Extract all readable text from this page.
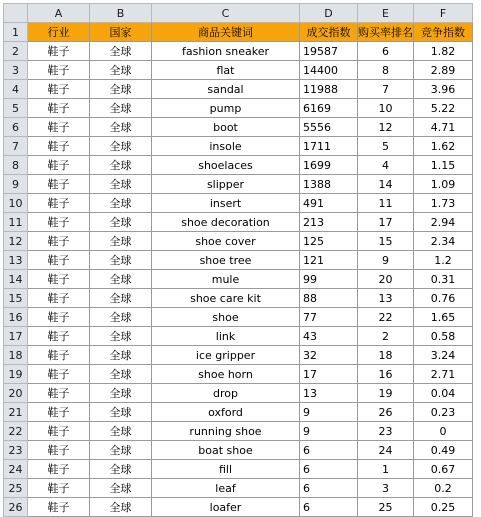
	A	B	C	D	E	F
1	行业	国家	商品关键词	成交指数	购买率排名	竞争指数
2	鞋子	全球	fashion sneaker	19587	6	1.82
3	鞋子	全球	flat	14400	8	2.89
4	鞋子	全球	sandal	11988	7	3.96
5	鞋子	全球	pump	6169	10	5.22
6	鞋子	全球	boot	5556	12	4.71
7	鞋子	全球	insole	1711	5	1.62
8	鞋子	全球	shoelaces	1699	4	1.15
9	鞋子	全球	slipper	1388	14	1.09
10	鞋子	全球	insert	491	11	1.73
11	鞋子	全球	shoe decoration	213	17	2.94
12	鞋子	全球	shoe cover	125	15	2.34
13	鞋子	全球	shoe tree	121	9	1.2
14	鞋子	全球	mule	99	20	0.31
15	鞋子	全球	shoe care kit	88	13	0.76
16	鞋子	全球	shoe	77	22	1.65
17	鞋子	全球	link	43	2	0.58
18	鞋子	全球	ice gripper	32	18	3.24
19	鞋子	全球	shoe horn	17	16	2.71
20	鞋子	全球	drop	13	19	0.04
21	鞋子	全球	oxford	9	26	0.23
22	鞋子	全球	running shoe	9	23	0
23	鞋子	全球	boat shoe	6	24	0.49
24	鞋子	全球	fill	6	1	0.67
25	鞋子	全球	leaf	6	3	0.2
26	鞋子	全球	loafer	6	25	0.25
